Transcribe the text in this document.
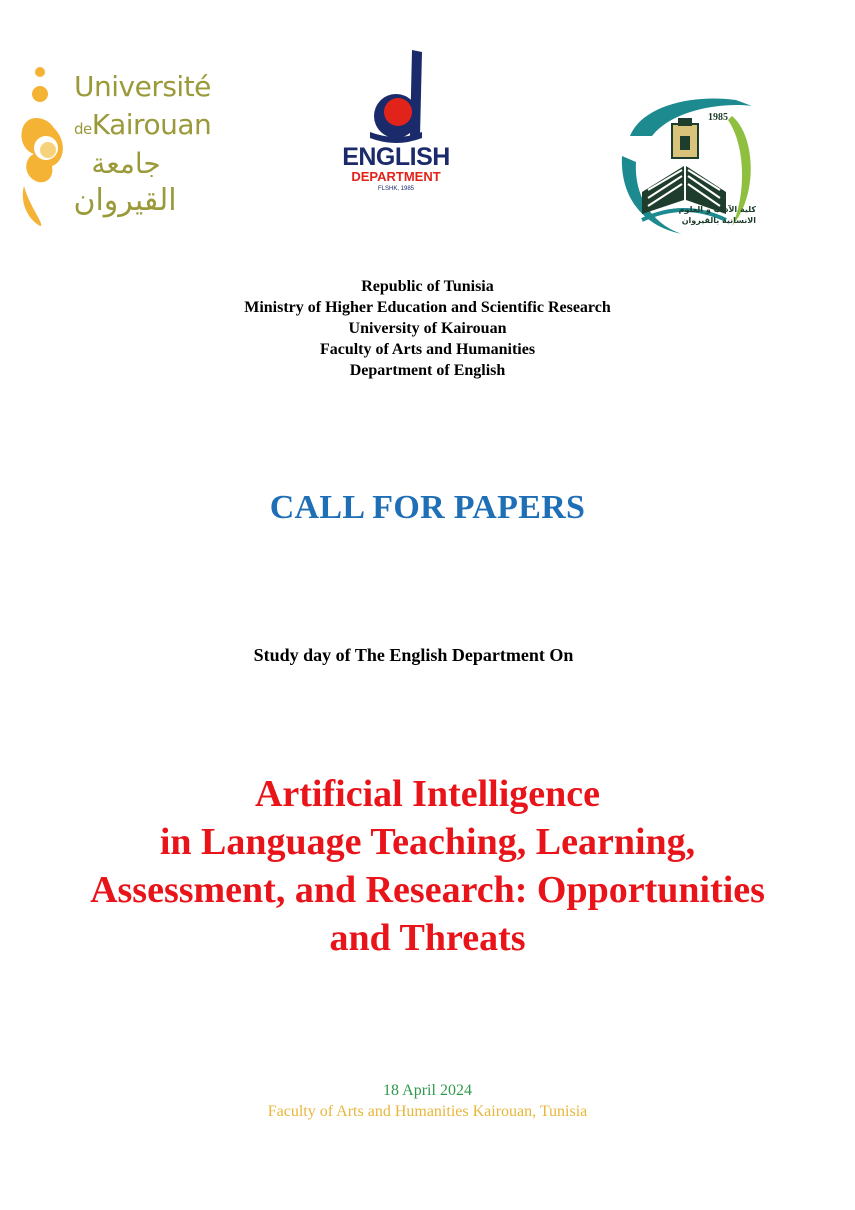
Université
deKairouan
جامعة
القيروان
ENGLISH
DEPARTMENT
FLSHK, 1985
1985
كلية الآداب و العلوم الانسانية بالقيروان
Republic of Tunisia
Ministry of Higher Education and Scientific Research
University of Kairouan
Faculty of Arts and Humanities
Department of English
CALL FOR PAPERS
Study day of The English Department On
Artificial Intelligence
in Language Teaching, Learning,
Assessment, and Research: Opportunities
and Threats
18 April 2024
Faculty of Arts and Humanities Kairouan, Tunisia
